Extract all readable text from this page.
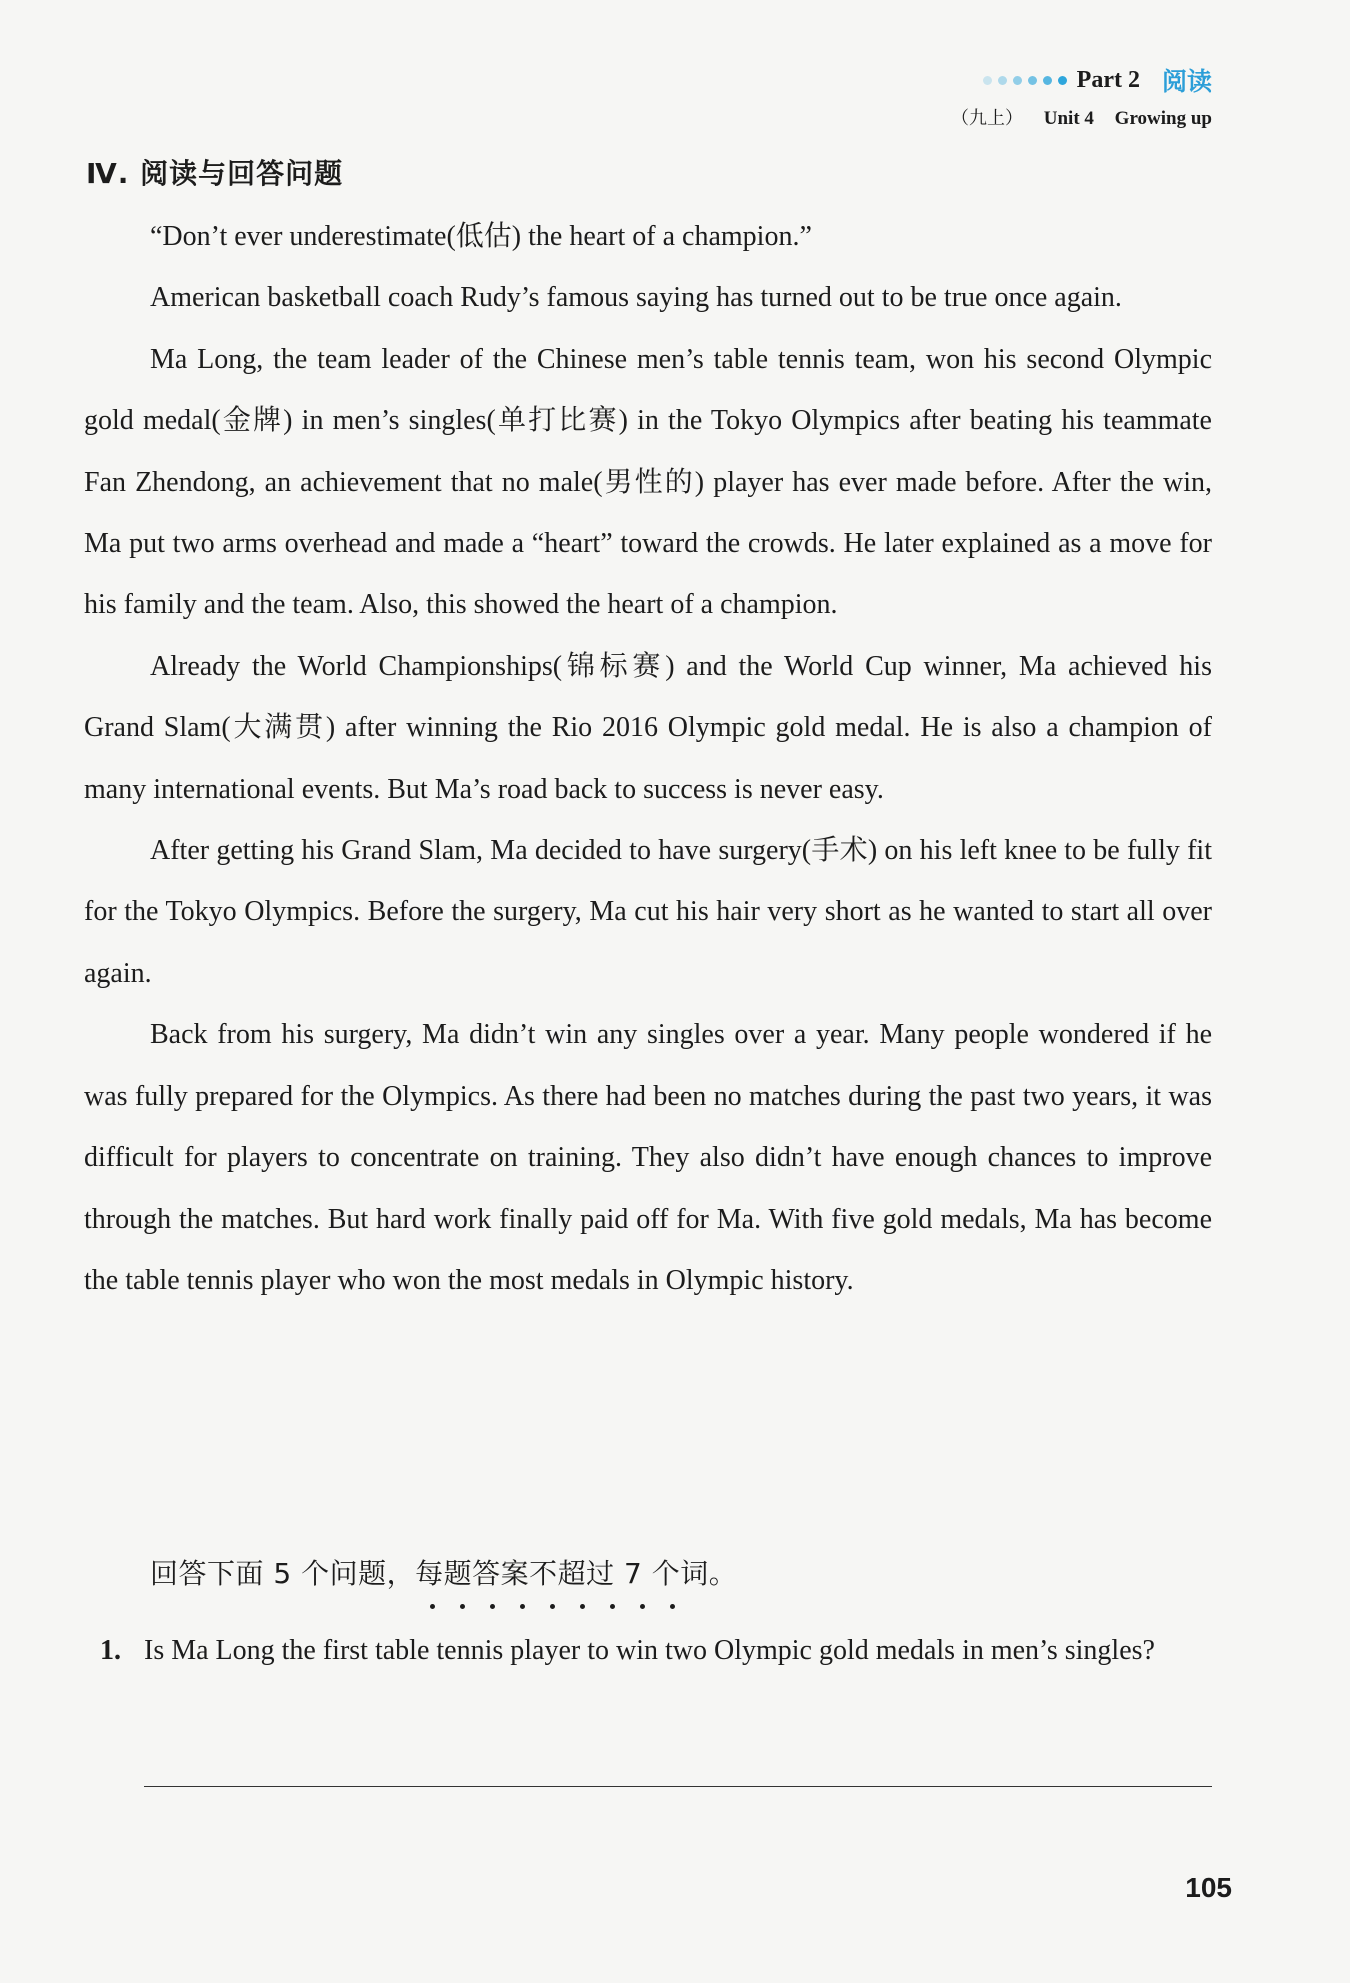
Part 2 阅读
（九上） Unit 4 Growing up
Ⅳ. 阅读与回答问题

“Don’t ever underestimate(低估) the heart of a champion.”

American basketball coach Rudy’s famous saying has turned out to be true once again.

Ma Long, the team leader of the Chinese men’s table tennis team, won his second Olympic gold medal(金牌) in men’s singles(单打比赛) in the Tokyo Olympics after beating his teammate Fan Zhendong, an achievement that no male(男性的) player has ever made before. After the win, Ma put two arms overhead and made a “heart” toward the crowds. He later explained as a move for his family and the team. Also, this showed the heart of a champion.

Already the World Championships(锦标赛) and the World Cup winner, Ma achieved his Grand Slam(大满贯) after winning the Rio 2016 Olympic gold medal. He is also a champion of many international events. But Ma’s road back to success is never easy.

After getting his Grand Slam, Ma decided to have surgery(手术) on his left knee to be fully fit for the Tokyo Olympics. Before the surgery, Ma cut his hair very short as he wanted to start all over again.

Back from his surgery, Ma didn’t win any singles over a year. Many people wondered if he was fully prepared for the Olympics. As there had been no matches during the past two years, it was difficult for players to concentrate on training. They also didn’t have enough chances to improve through the matches. But hard work finally paid off for Ma. With five gold medals, Ma has become the table tennis player who won the most medals in Olympic history.

回答下面 5 个问题，每题答案不超过 7 个词。
1. Is Ma Long the first table tennis player to win two Olympic gold medals in men’s singles?
105
